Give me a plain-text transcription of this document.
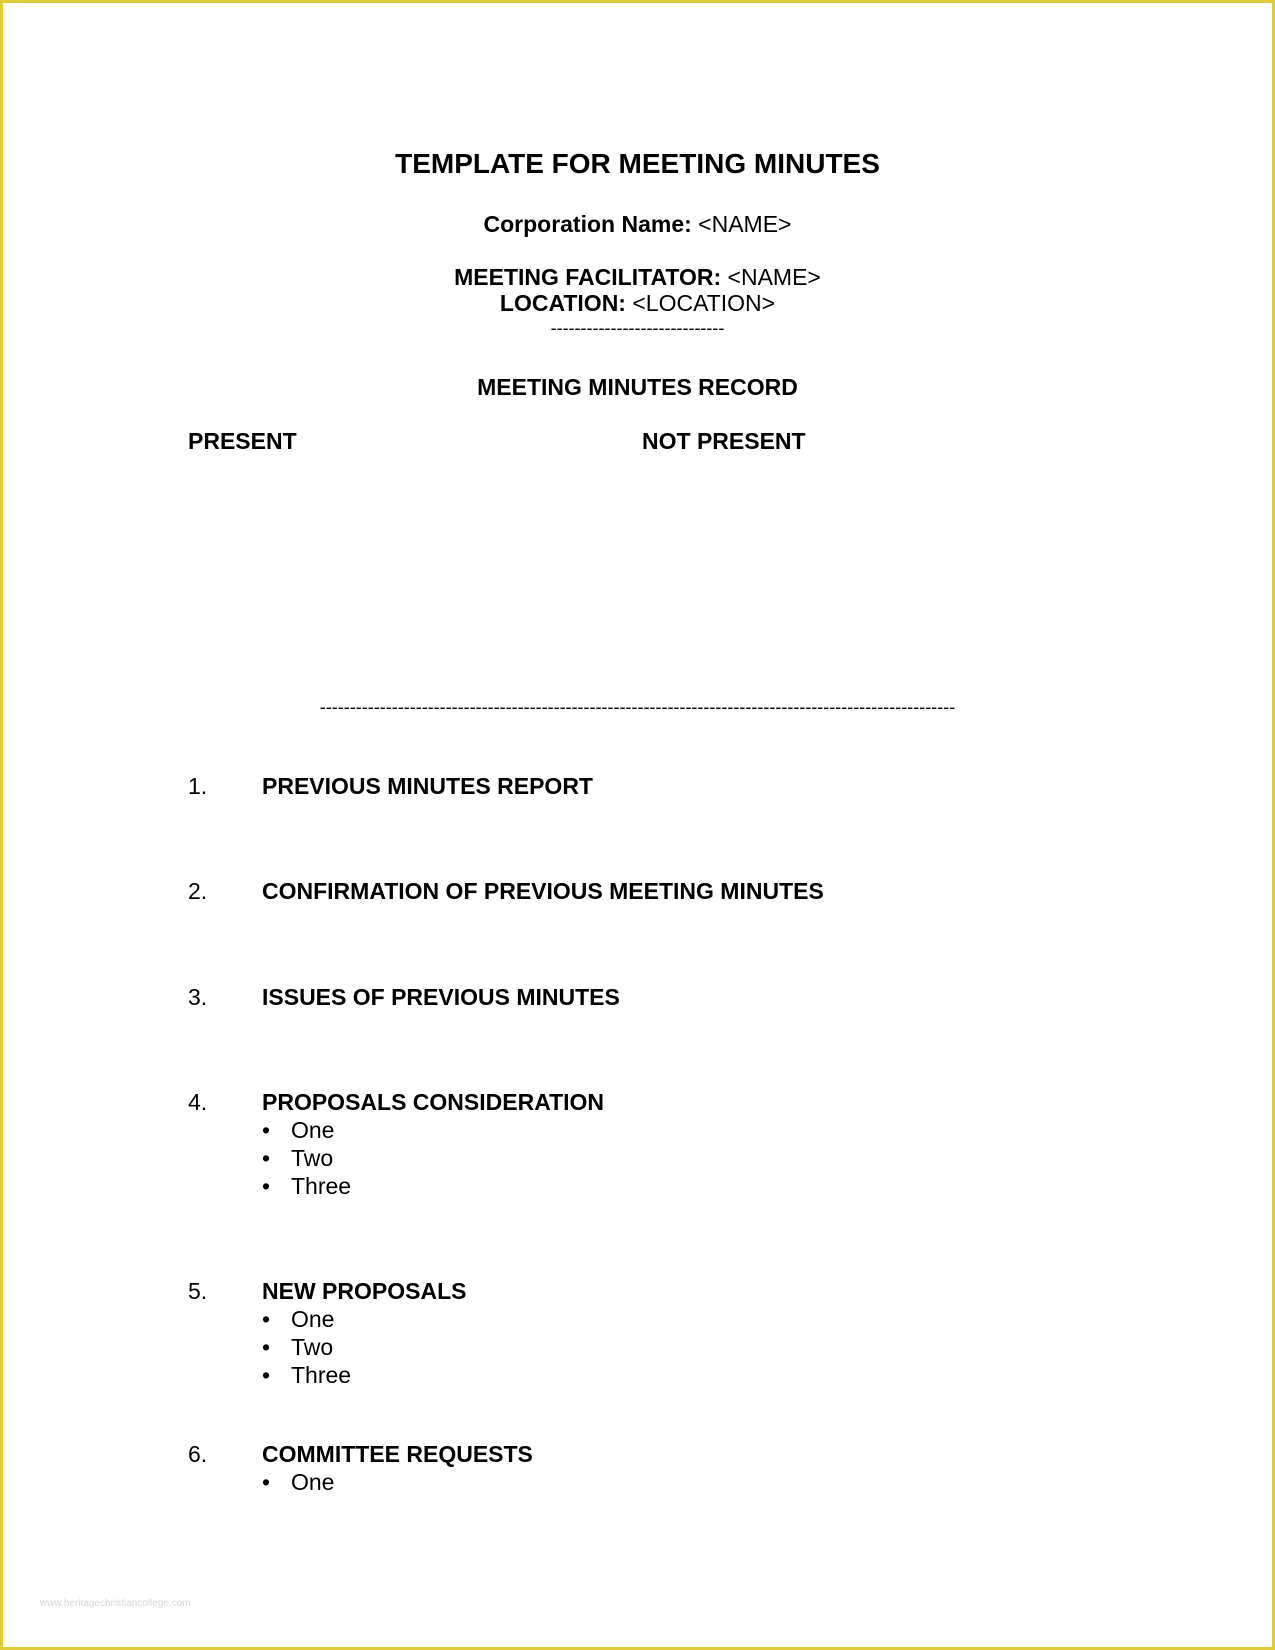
TEMPLATE FOR MEETING MINUTES
Corporation Name: <NAME>
MEETING FACILITATOR: <NAME>
LOCATION: <LOCATION>
-----------------------------
MEETING MINUTES RECORD
PRESENT	NOT PRESENT
----------------------------------------------------------------------------------------------------------
1. PREVIOUS MINUTES REPORT
2. CONFIRMATION OF PREVIOUS MEETING MINUTES
3. ISSUES OF PREVIOUS MINUTES
4. PROPOSALS CONSIDERATION
• One
• Two
• Three
5. NEW PROPOSALS
• One
• Two
• Three
6. COMMITTEE REQUESTS
• One
www.heritagechristiancollege.com
